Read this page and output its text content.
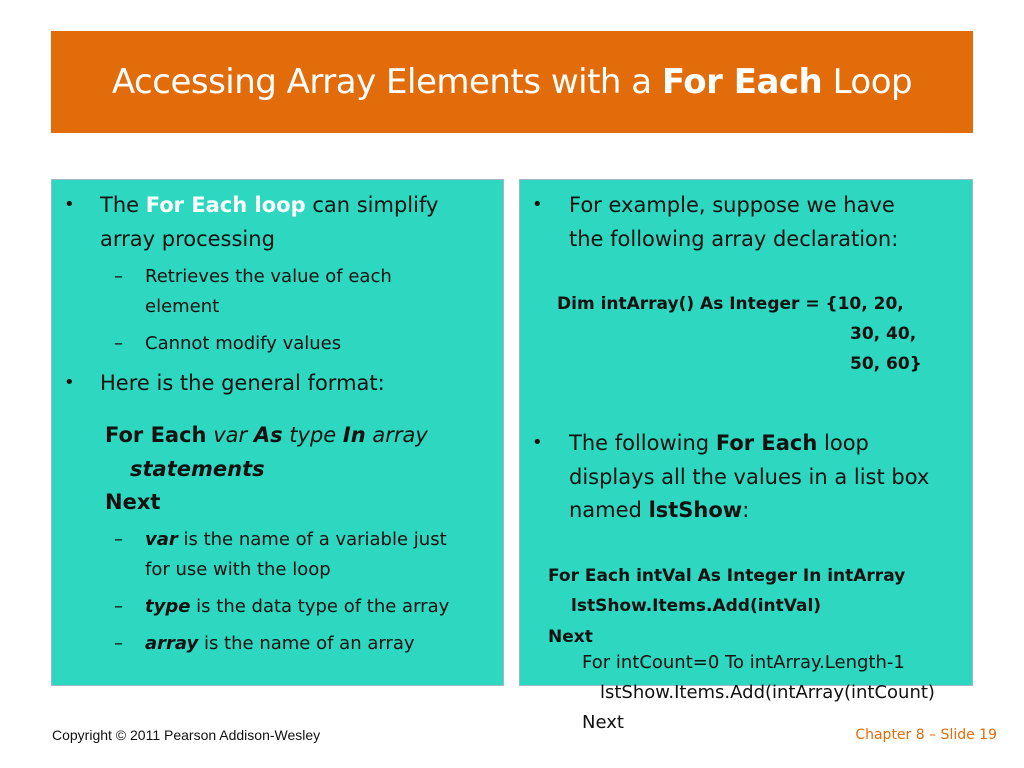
Accessing Array Elements with a For Each Loop
• The For Each loop can simplify
array processing
– Retrieves the value of each
element
– Cannot modify values
• Here is the general format:
For Each var As type In array
statements
Next
– var is the name of a variable just
for use with the loop
– type is the data type of the array
– array is the name of an array
• For example, suppose we have
the following array declaration:
Dim intArray() As Integer = {10, 20,
30, 40,
50, 60}
• The following For Each loop
displays all the values in a list box
named lstShow:
For Each intVal As Integer In intArray
lstShow.Items.Add(intVal)
Next
For intCount=0 To intArray.Length-1
lstShow.Items.Add(intArray(intCount)
Next
Copyright © 2011 Pearson Addison-Wesley	Chapter 8 – Slide 19
